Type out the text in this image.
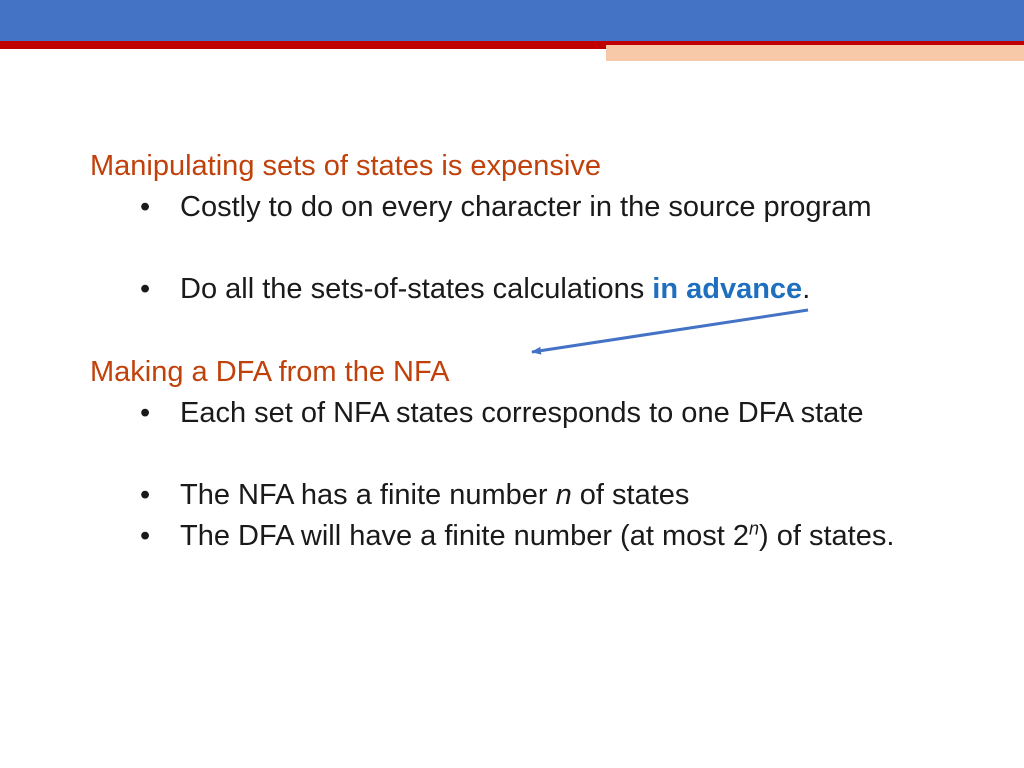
Manipulating sets of states is expensive
• Costly to do on every character in the source program
• Do all the sets-of-states calculations in advance.
Making a DFA from the NFA
• Each set of NFA states corresponds to one DFA state
• The NFA has a finite number n of states
• The DFA will have a finite number (at most 2$^n$) of states.
